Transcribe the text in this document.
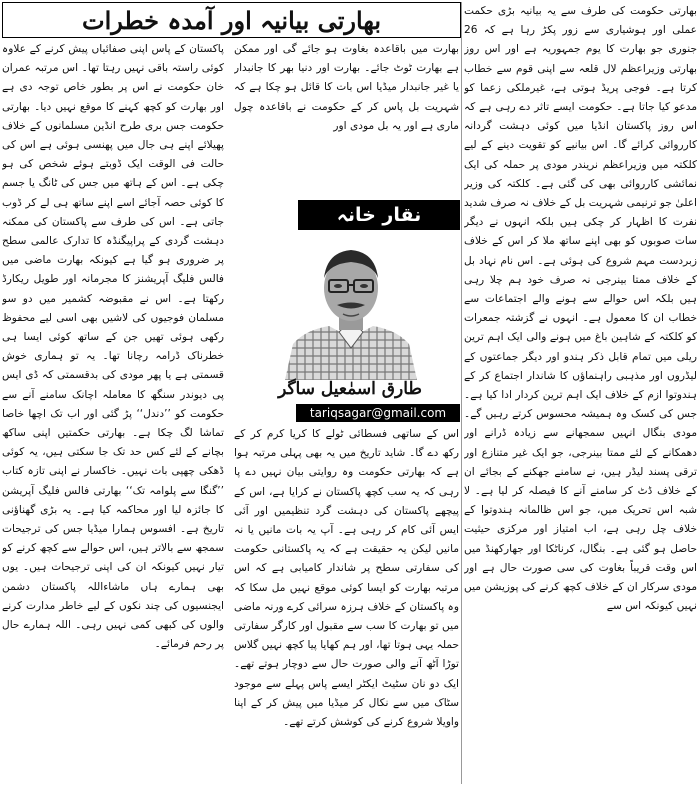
بھارتی حکومت کی طرف سے یہ بیانیہ بڑی حکمت عملی اور ہوشیاری سے زور پکڑ رہا ہے کہ 26 جنوری جو بھارت کا یوم جمہوریہ ہے اور اس روز بھارتی وزیراعظم لال قلعہ سے اپنی قوم سے خطاب کرتا ہے۔ فوجی پریڈ ہوتی ہے، غیرملکی زعما کو مدعو کیا جاتا ہے۔ حکومت ایسے تاثر دے رہی ہے کہ اس روز پاکستان انڈیا میں کوئی دہشت گردانہ کارروائی کرائے گا۔ اس بیانیے کو تقویت دینے کے لیے کلکتہ میں وزیراعظم نریندر مودی پر حملہ کی ایک نمائشی کارروائی بھی کی گئی ہے۔ کلکتہ کی وزیر اعلیٰ جو ترنیمی شہریت بل کے خلاف نہ صرف شدید نفرت کا اظہار کر چکی ہیں بلکہ انہوں نے دیگر سات صوبوں کو بھی اپنے ساتھ ملا کر اس کے خلاف زبردست مہم شروع کی ہوئی ہے۔ اس نام نہاد بل کے خلاف ممتا بینرجی نہ صرف خود ہم چلا رہی ہیں بلکہ اس حوالے سے ہونے والے اجتماعات سے خطاب ان کا معمول ہے۔ انہوں نے گزشتہ جمعرات کو کلکتہ کے شاہین باغ میں ہونے والی ایک اہم ترین ریلی میں تمام قابل ذکر ہندو اور دیگر جماعتوں کے لیڈروں اور مذہبی راہنماؤں کا شاندار اجتماع کر کے ہندوتوا ازم کے خلاف ایک اہم ترین کردار ادا کیا ہے۔ جس کی کسک وہ ہمیشہ محسوس کرتے رہیں گے۔ مودی بنگال انہیں سمجھانے سے زیادہ ڈرانے اور دھمکانے کے لئے ممتا بینرجی، جو ایک غیر متنازع اور ترقی پسند لیڈر ہیں، نے سامنے جھکنے کے بجائے ان کے خلاف ڈٹ کر سامنے آنے کا فیصلہ کر لیا ہے۔ لا شبہ اس تحریک میں، جو اس ظالمانہ ہندوتوا کے خلاف چل رہی ہے، اب امتیاز اور مرکزی حیثیت حاصل ہو گئی ہے۔ بنگال، کرناٹکا اور جھارکھنڈ میں اس وقت قریباً بغاوت کی سی صورت حال ہے اور مودی سرکار ان کے خلاف کچھ کرنے کی پوزیشن میں نہیں کیونکہ اس سے

بھارتی بیانیہ اور آمدہ خطرات

بھارت میں باقاعدہ بغاوت ہو جائے گی اور ممکن ہے بھارت ٹوٹ جائے۔ بھارت اور دنیا بھر کا جانبدار یا غیر جانبدار میڈیا اس بات کا قائل ہو چکا ہے کہ شہریت بل پاس کر کے حکومت نے باقاعدہ چول ماری ہے اور یہ بل مودی اور

نقار خانہ
طارق اسمٰعیل ساگر
tariqsagar@gmail.com

اس کے ساتھی فسطائی ٹولے کا کریا کرم کر کے رکھ دے گا۔ شاید تاریخ میں یہ بھی پہلی مرتبہ ہوا ہے کہ بھارتی حکومت وہ روایتی بیان نہیں دے پا رہی کہ یہ سب کچھ پاکستان نے کرایا ہے، اس کے پیچھے پاکستان کی دہشت گرد تنظیمیں اور آئی ایس آئی کام کر رہی ہے۔ آپ یہ بات مانیں یا نہ مانیں لیکن یہ حقیقت ہے کہ یہ پاکستانی حکومت کی سفارتی سطح پر شاندار کامیابی ہے کہ اس مرتبہ بھارت کو ایسا کوئی موقع نہیں مل سکا کہ وہ پاکستان کے خلاف ہرزہ سرائی کرے ورنہ ماضی میں تو بھارت کا سب سے مقبول اور کارگر سفارتی حملہ یہی ہوتا تھا، اور ہم کھایا پیا کچھ نہیں گلاس توڑا آٹھ آنے والی صورت حال سے دوچار ہوتے تھے۔ ایک دو نان سٹیٹ ایکٹر ایسے پاس پہلے سے موجود سٹاک میں سے نکال کر میڈیا میں پیش کر کے اپنا واویلا شروع کرنے کی کوشش کرتے تھے۔

پاکستان کے پاس اپنی صفائیاں پیش کرنے کے علاوہ کوئی راستہ باقی نہیں رہتا تھا۔ اس مرتبہ عمران خان حکومت نے اس پر بطور خاص توجہ دی ہے اور بھارت کو کچھ کہنے کا موقع نہیں دیا۔ بھارتی حکومت جس بری طرح انڈین مسلمانوں کے خلاف پھیلائے اپنے ہی جال میں پھنسی ہوئی ہے اس کی حالت فی الوقت ایک ڈوبتے ہوئے شخص کی ہو چکی ہے۔ اس کے ہاتھ میں جس کی ٹانگ یا جسم کا کوئی حصہ آجائے اسے اپنے ساتھ ہی لے کر ڈوب جاتی ہے۔ اس کی طرف سے پاکستان کی ممکنہ دہشت گردی کے پراپیگنڈہ کا تدارک عالمی سطح پر ضروری ہو گیا ہے کیونکہ بھارت ماضی میں فالس فلیگ آپریشنز کا مجرمانہ اور طویل ریکارڈ رکھتا ہے۔ اس نے مقبوضہ کشمیر میں دو سو مسلمان فوجیوں کی لاشیں بھی اسی لیے محفوظ رکھی ہوئی تھیں جن کے ساتھ کوئی ایسا ہی خطرناک ڈرامہ رچانا تھا۔ یہ تو ہماری خوش قسمتی ہے یا پھر مودی کی بدقسمتی کہ ڈی ایس پی دیوندر سنگھ کا معاملہ اچانک سامنے آنے سے حکومت کو ’’دندل‘‘ پڑ گئی اور اب تک اچھا خاصا تماشا لگ چکا ہے۔ بھارتی حکمتیں اپنی ساکھ بچانے کے لئے کس حد تک جا سکتی ہیں، یہ کوئی ڈھکی چھپی بات نہیں۔ خاکسار نے اپنی تازہ کتاب ’’گنگا سے پلوامہ تک‘‘ بھارتی فالس فلیگ آپریشن کا جائزہ لیا اور محاکمہ کیا ہے۔ یہ بڑی گھناؤنی تاریخ ہے۔ افسوس ہمارا میڈیا جس کی ترجیحات سمجھ سے بالاتر ہیں، اس حوالے سے کچھ کرنے کو تیار نہیں کیونکہ ان کی اپنی ترجیحات ہیں۔ یوں بھی ہمارے ہاں ماشاءاللہ پاکستان دشمن ایجنسیوں کی چند نکوں کے لیے خاطر مدارت کرنے والوں کی کبھی کمی نہیں رہی۔ اللہ ہمارے حال پر رحم فرمائے۔
